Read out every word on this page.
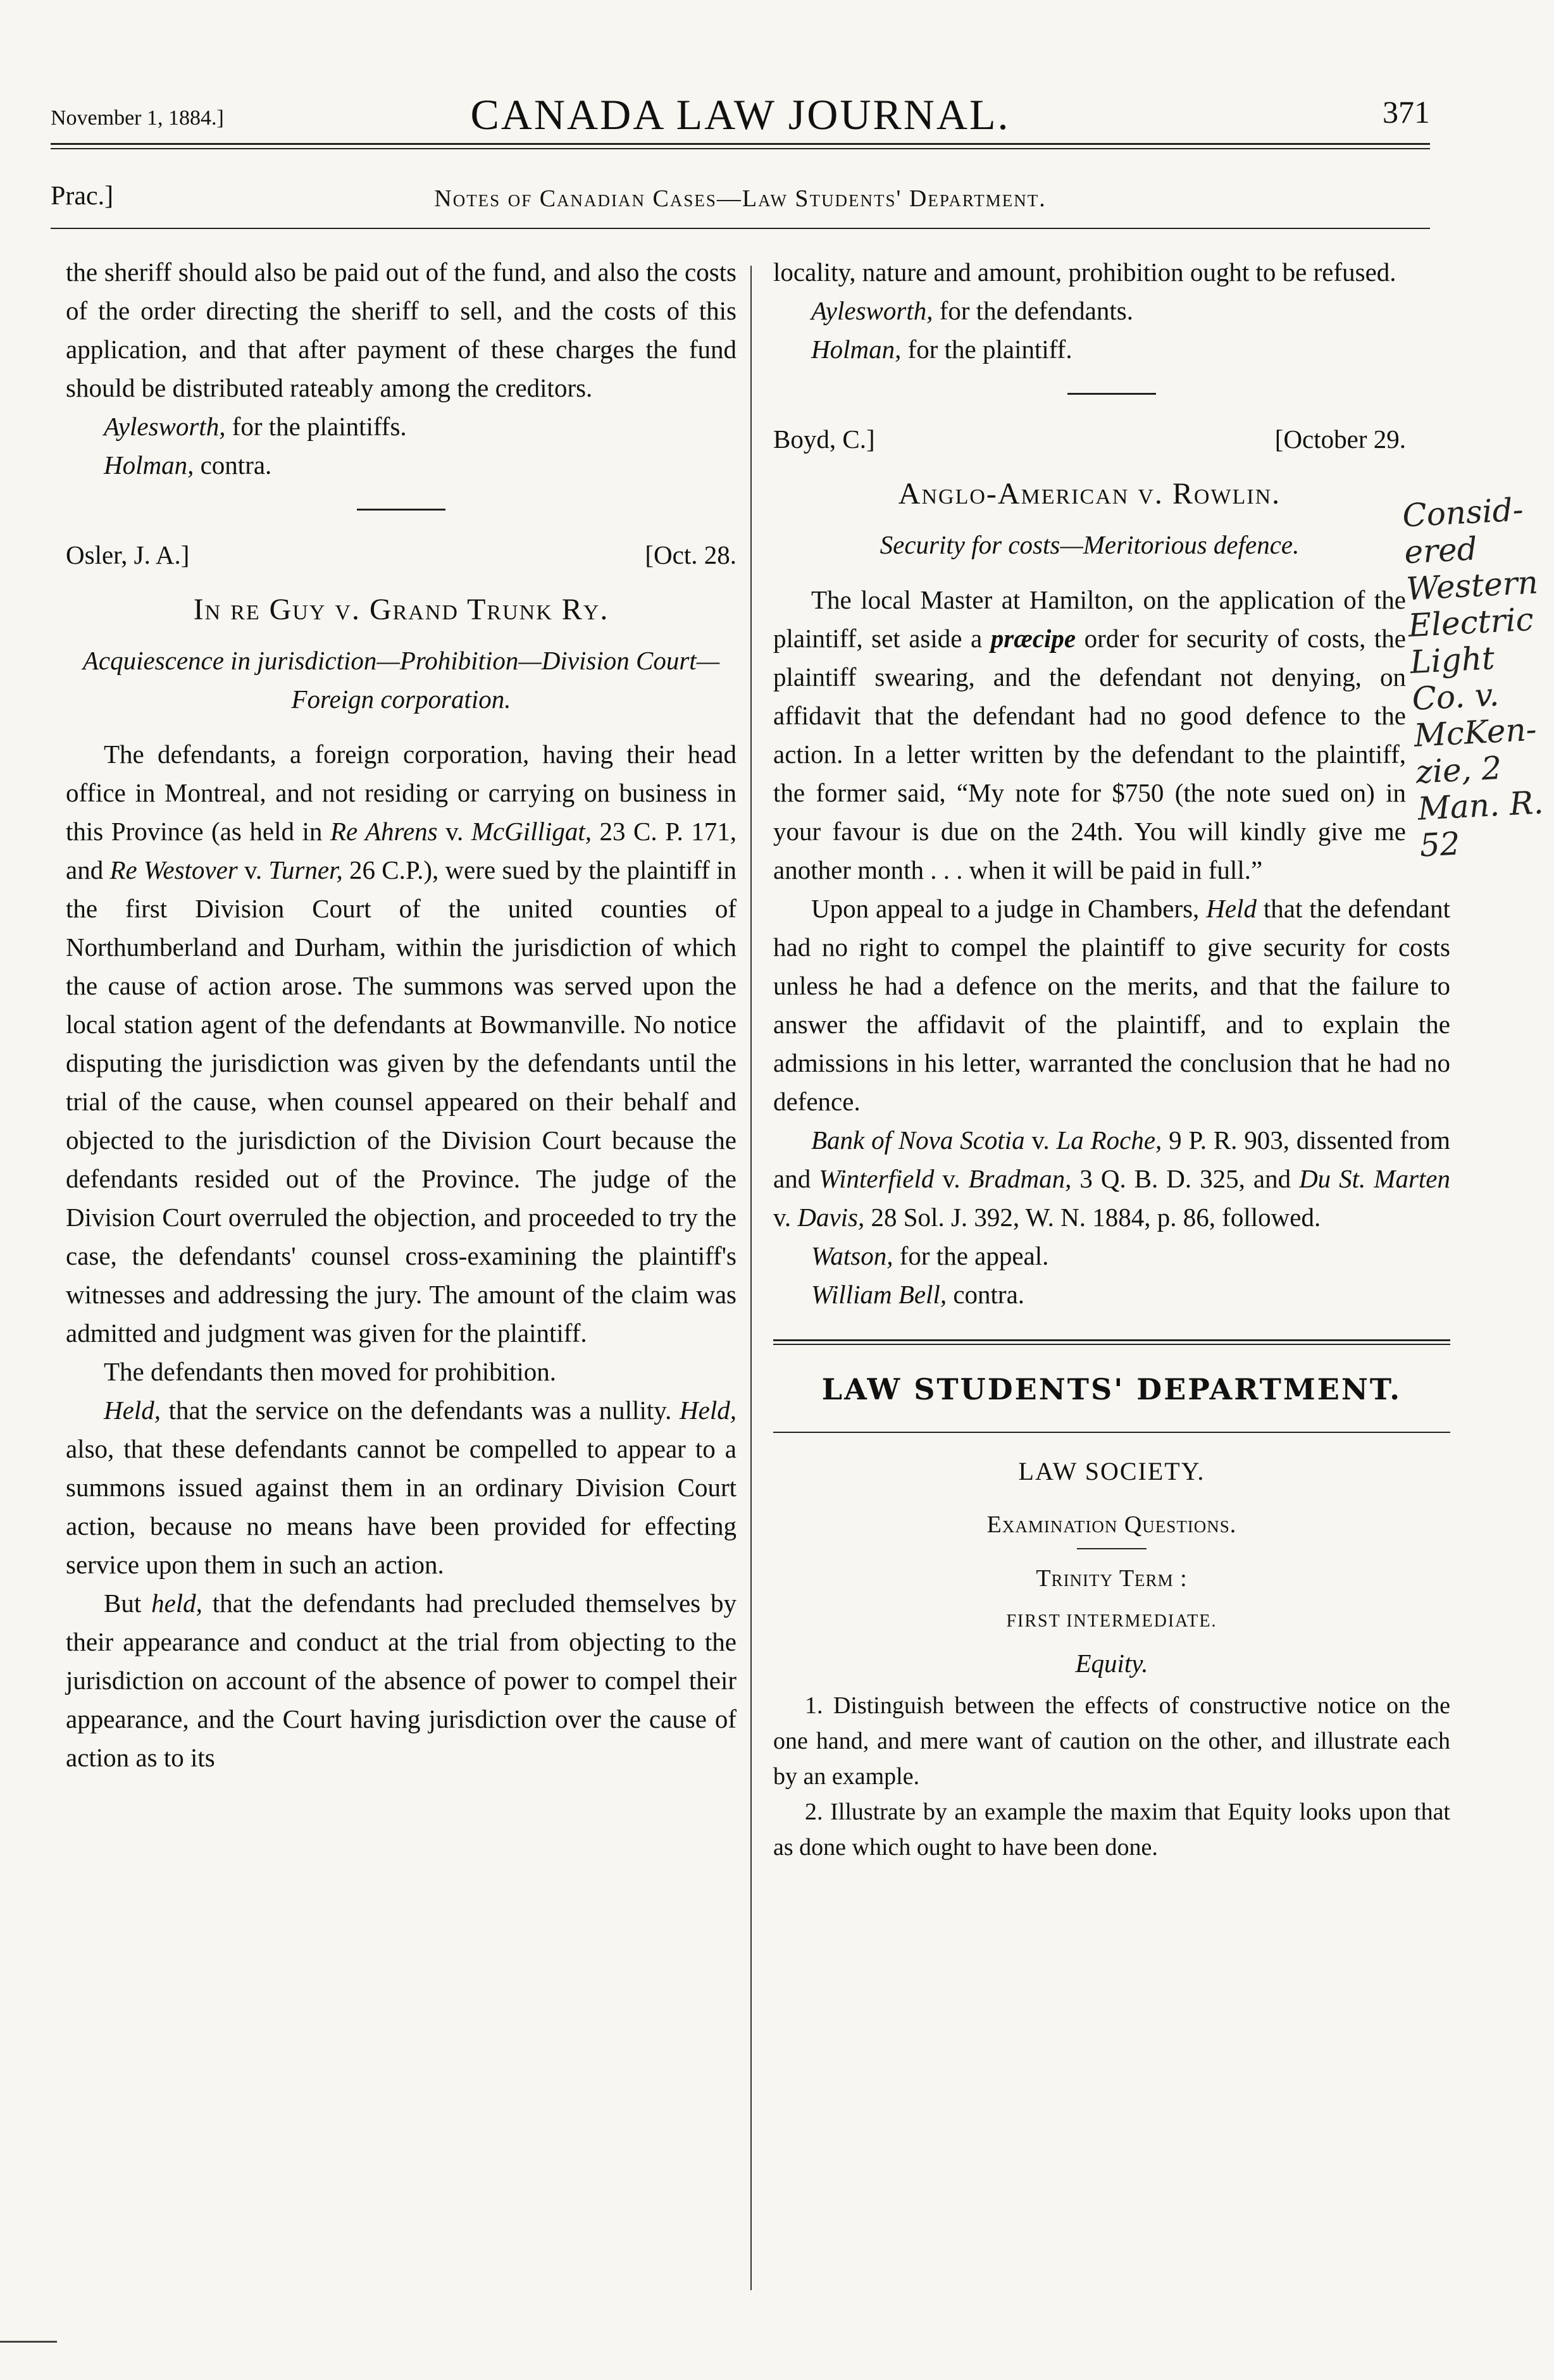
November 1, 1884.]	CANADA LAW JOURNAL.	371
Prac.]	Notes of Canadian Cases—Law Students' Department.

the sheriff should also be paid out of the fund, and also the costs of the order directing the sheriff to sell, and the costs of this application, and that after payment of these charges the fund should be distributed rateably among the creditors.

Aylesworth, for the plaintiffs.

Holman, contra.

Osler, J. A.]	[Oct. 28.
In re Guy v. Grand Trunk Ry.
Acquiescence in jurisdiction—Prohibition—Division Court—Foreign corporation.

The defendants, a foreign corporation, having their head office in Montreal, and not residing or carrying on business in this Province (as held in Re Ahrens v. McGilligat, 23 C. P. 171, and Re Westover v. Turner, 26 C.P.), were sued by the plaintiff in the first Division Court of the united counties of Northumberland and Durham, within the jurisdiction of which the cause of action arose. The summons was served upon the local station agent of the defendants at Bowmanville. No notice disputing the jurisdiction was given by the defendants until the trial of the cause, when counsel appeared on their behalf and objected to the jurisdiction of the Division Court because the defendants resided out of the Province. The judge of the Division Court overruled the objection, and proceeded to try the case, the defendants' counsel cross-examining the plaintiff's witnesses and addressing the jury. The amount of the claim was admitted and judgment was given for the plaintiff.

The defendants then moved for prohibition.

Held, that the service on the defendants was a nullity. Held, also, that these defendants cannot be compelled to appear to a summons issued against them in an ordinary Division Court action, because no means have been provided for effecting service upon them in such an action.

But held, that the defendants had precluded themselves by their appearance and conduct at the trial from objecting to the jurisdiction on account of the absence of power to compel their appearance, and the Court having jurisdiction over the cause of action as to its

locality, nature and amount, prohibition ought to be refused.

Aylesworth, for the defendants.

Holman, for the plaintiff.

Boyd, C.]	[October 29.
Anglo-American v. Rowlin.
Security for costs—Meritorious defence.

The local Master at Hamilton, on the application of the plaintiff, set aside a præcipe order for security of costs, the plaintiff swearing, and the defendant not denying, on affidavit that the defendant had no good defence to the action. In a letter written by the defendant to the plaintiff, the former said, “My note for $750 (the note sued on) in your favour is due on the 24th. You will kindly give me another month . . . when it will be paid in full.”

Upon appeal to a judge in Chambers, Held that the defendant had no right to compel the plaintiff to give security for costs unless he had a defence on the merits, and that the failure to answer the affidavit of the plaintiff, and to explain the admissions in his letter, warranted the conclusion that he had no defence.

Bank of Nova Scotia v. La Roche, 9 P. R. 903, dissented from and Winterfield v. Bradman, 3 Q. B. D. 325, and Du St. Marten v. Davis, 28 Sol. J. 392, W. N. 1884, p. 86, followed.

Watson, for the appeal.

William Bell, contra.

LAW STUDENTS' DEPARTMENT.
LAW SOCIETY.
Examination Questions.
Trinity Term :
FIRST INTERMEDIATE.
Equity.

1. Distinguish between the effects of constructive notice on the one hand, and mere want of caution on the other, and illustrate each by an example.

2. Illustrate by an example the maxim that Equity looks upon that as done which ought to have been done.

Consid-ered Western Electric Light Co. v. McKen-zie, 2 Man. R. 52
